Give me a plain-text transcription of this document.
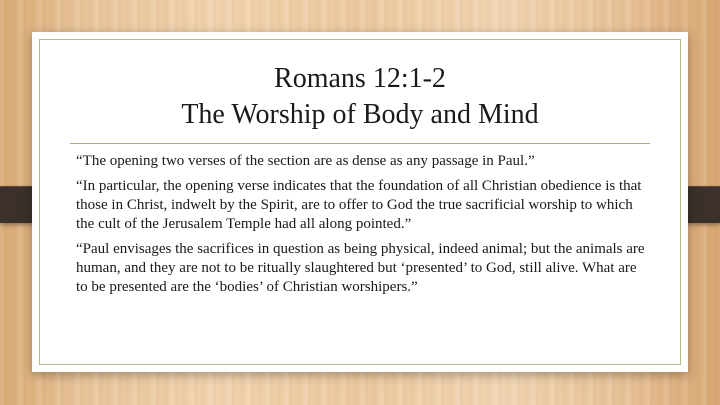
Romans 12:1-2
The Worship of Body and Mind

“The opening two verses of the section are as dense as any passage in Paul.”

“In particular, the opening verse indicates that the foundation of all Christian obedience is that those in Christ, indwelt by the Spirit, are to offer to God the true sacrificial worship to which the cult of the Jerusalem Temple had all along pointed.”

“Paul envisages the sacrifices in question as being physical, indeed animal; but the animals are human, and they are not to be ritually slaughtered but ‘presented’ to God, still alive. What are to be presented are the ‘bodies’ of Christian worshipers.”
